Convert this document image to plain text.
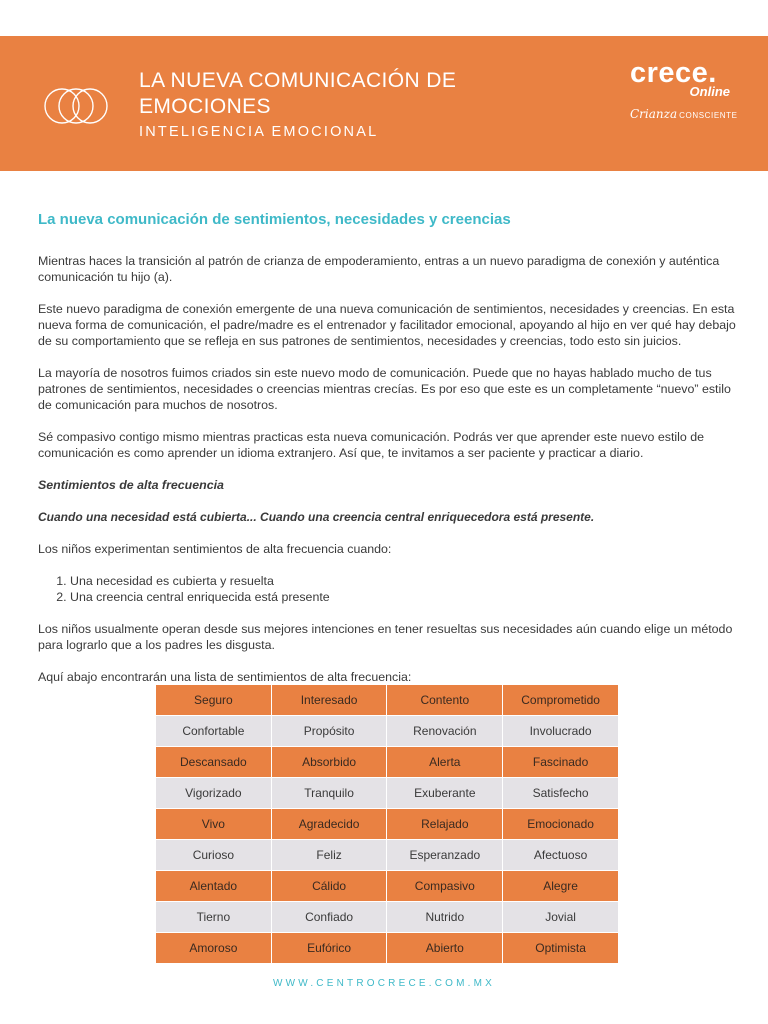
LA NUEVA COMUNICACIÓN DE EMOCIONES
INTELIGENCIA EMOCIONAL
crece.
Online
Crianza CONSCIENTE
La nueva comunicación de sentimientos, necesidades y creencias

Mientras haces la transición al patrón de crianza de empoderamiento, entras a un nuevo paradigma de conexión y auténtica comunicación tu hijo (a).

Este nuevo paradigma de conexión emergente de una nueva comunicación de sentimientos, necesidades y creencias. En esta nueva forma de comunicación, el padre/madre es el entrenador y facilitador emocional, apoyando al hijo en ver qué hay debajo de su comportamiento que se refleja en sus patrones de sentimientos, necesidades y creencias, todo esto sin juicios.

La mayoría de nosotros fuimos criados sin este nuevo modo de comunicación. Puede que no hayas hablado mucho de tus patrones de sentimientos, necesidades o creencias mientras crecías. Es por eso que este es un completamente “nuevo” estilo de comunicación para muchos de nosotros.

Sé compasivo contigo mismo mientras practicas esta nueva comunicación. Podrás ver que aprender este nuevo estilo de comunicación es como aprender un idioma extranjero. Así que, te invitamos a ser paciente y practicar a diario.

Sentimientos de alta frecuencia

Cuando una necesidad está cubierta... Cuando una creencia central enriquecedora está presente.

Los niños experimentan sentimientos de alta frecuencia cuando:

1. Una necesidad es cubierta y resuelta
2. Una creencia central enriquecida está presente

Los niños usualmente operan desde sus mejores intenciones en tener resueltas sus necesidades aún cuando elige un método para lograrlo que a los padres les disgusta.

Aquí abajo encontrarán una lista de sentimientos de alta frecuencia:

Seguro	Interesado	Contento	Comprometido
Confortable	Propósito	Renovación	Involucrado
Descansado	Absorbido	Alerta	Fascinado
Vigorizado	Tranquilo	Exuberante	Satisfecho
Vivo	Agradecido	Relajado	Emocionado
Curioso	Feliz	Esperanzado	Afectuoso
Alentado	Cálido	Compasivo	Alegre
Tierno	Confiado	Nutrido	Jovial
Amoroso	Eufórico	Abierto	Optimista
WWW.CENTROCRECE.COM.MX
